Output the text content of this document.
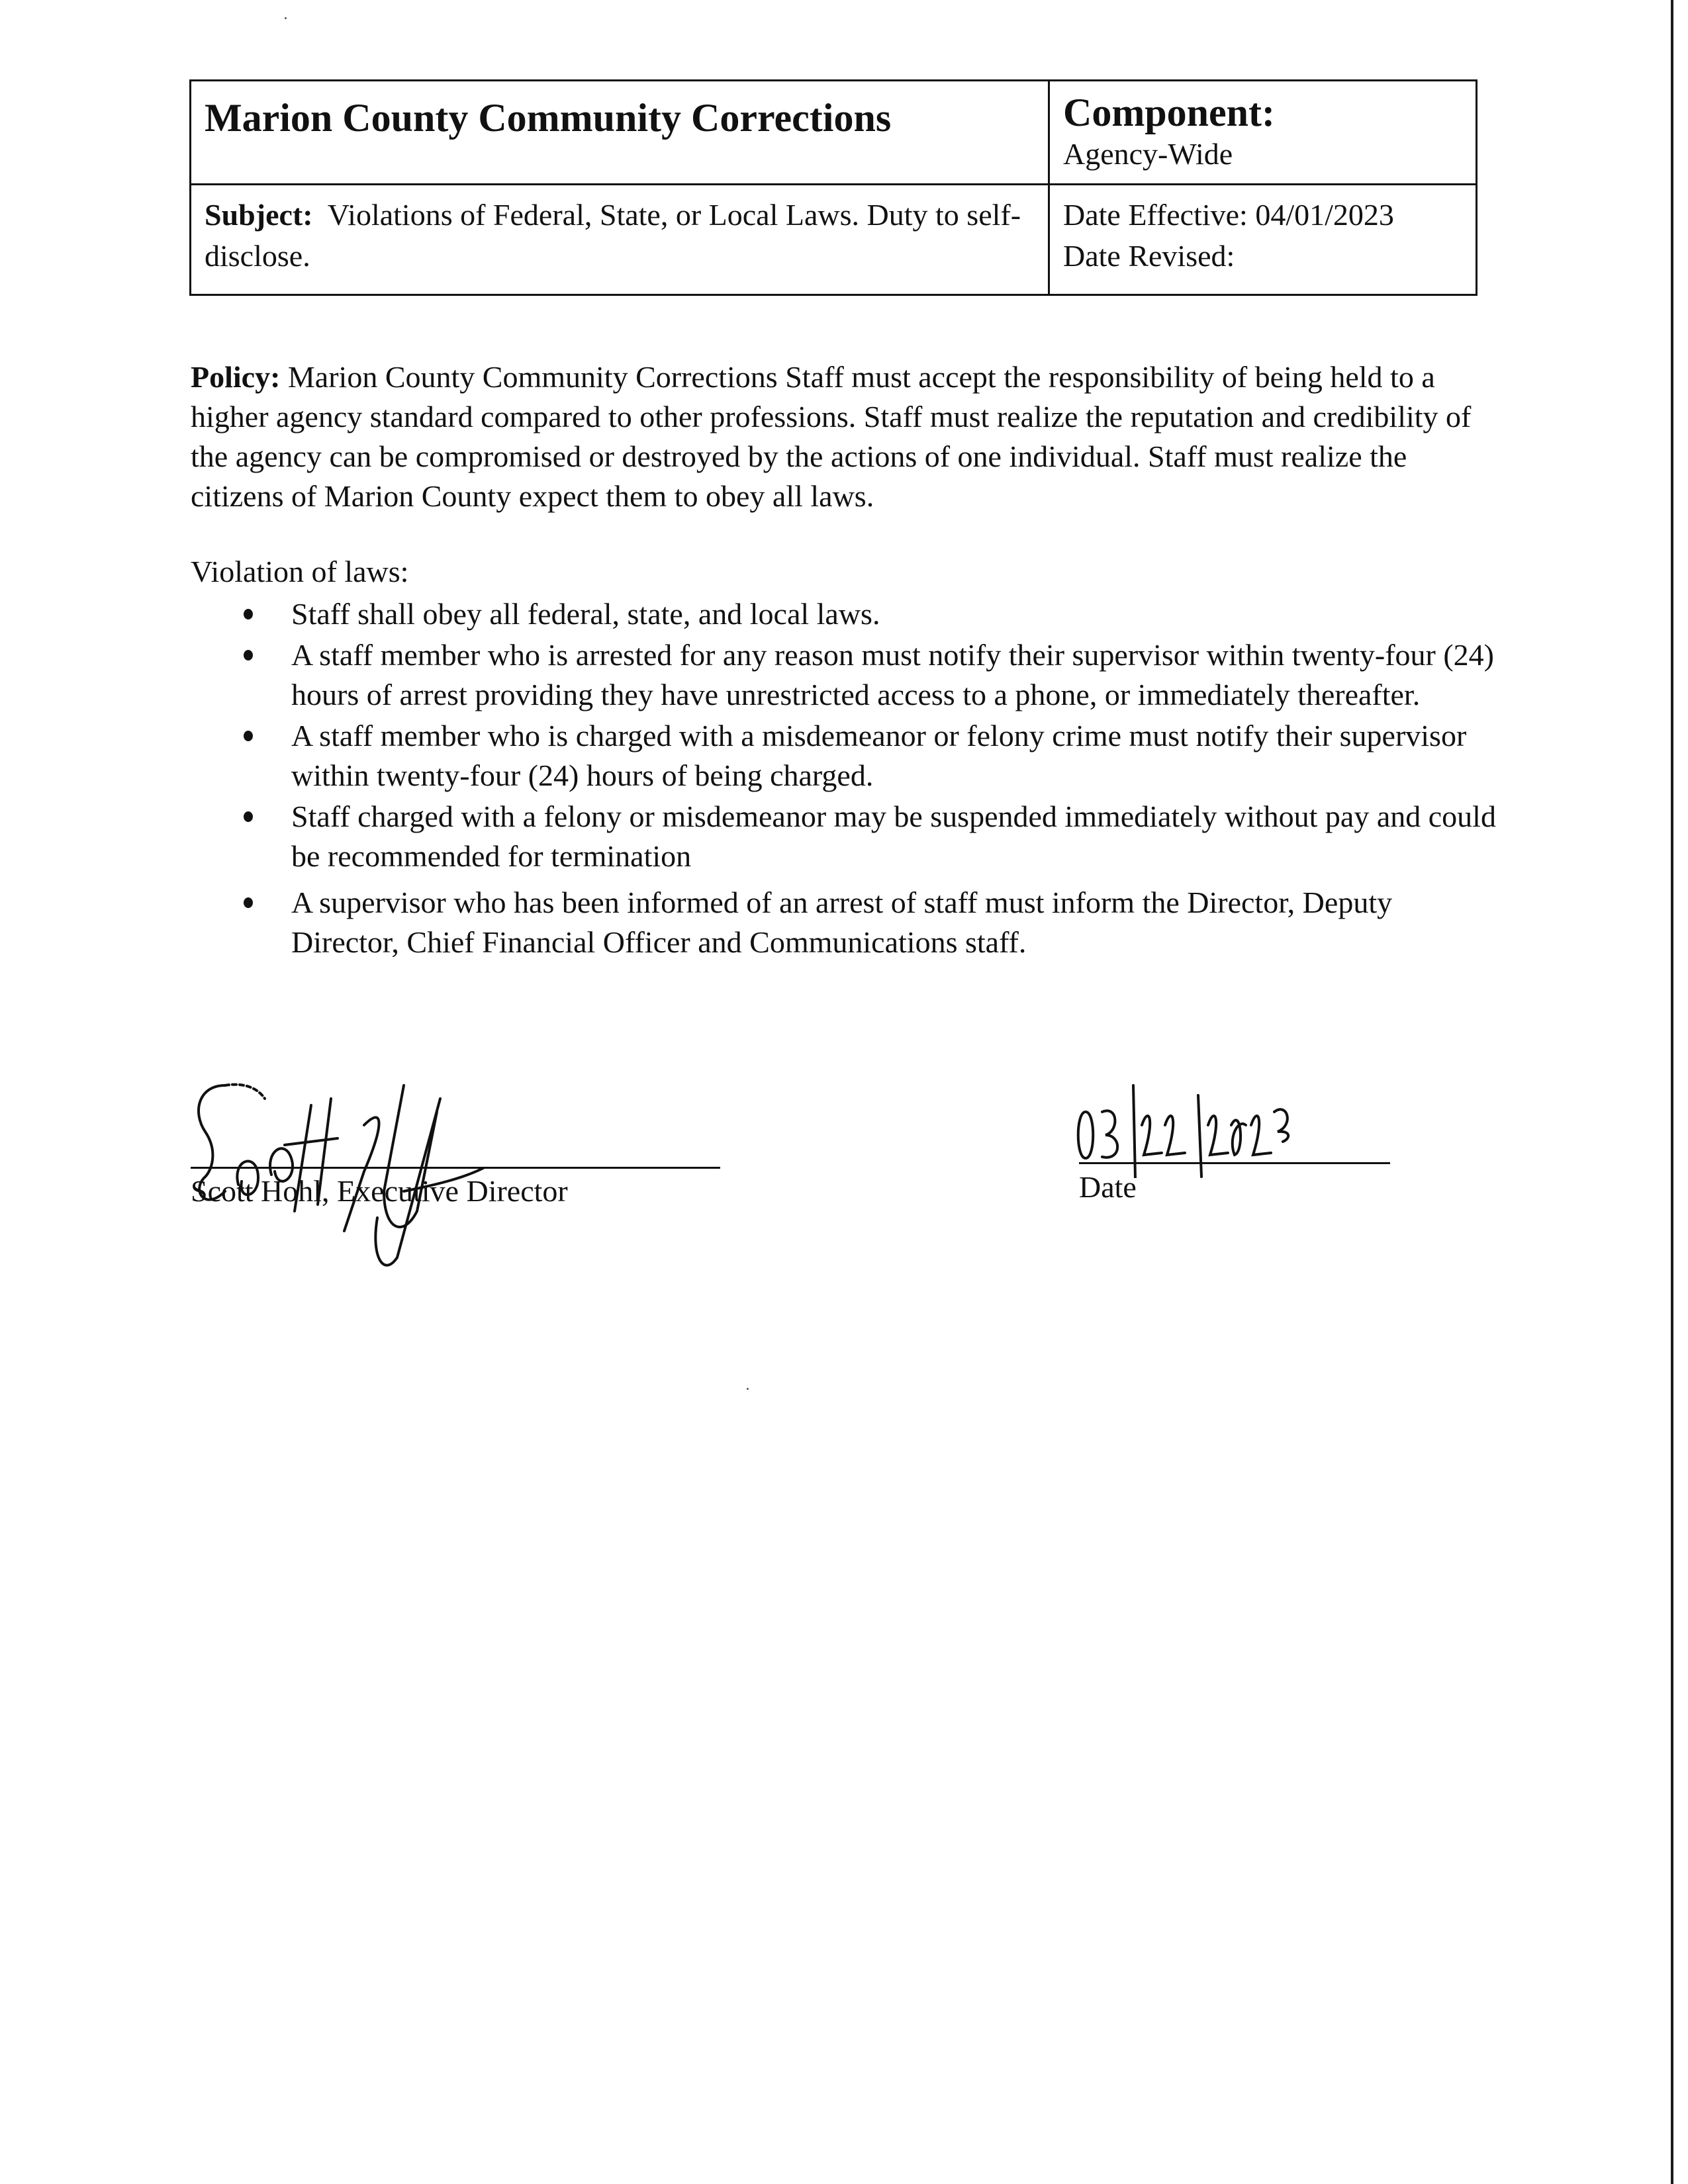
Marion County Community Corrections	Component:
Agency-Wide

Subject: Violations of Federal, State, or Local Laws. Duty to self-disclose.	Date Effective: 04/01/2023
Date Revised:
Policy: Marion County Community Corrections Staff must accept the responsibility of being held to a higher agency standard compared to other professions. Staff must realize the reputation and credibility of the agency can be compromised or destroyed by the actions of one individual. Staff must realize the citizens of Marion County expect them to obey all laws.
Violation of laws:
Staff shall obey all federal, state, and local laws.
A staff member who is arrested for any reason must notify their supervisor within twenty-four (24) hours of arrest providing they have unrestricted access to a phone, or immediately thereafter.
A staff member who is charged with a misdemeanor or felony crime must notify their supervisor within twenty-four (24) hours of being charged.
Staff charged with a felony or misdemeanor may be suspended immediately without pay and could be recommended for termination
A supervisor who has been informed of an arrest of staff must inform the Director, Deputy Director, Chief Financial Officer and Communications staff.
Scott Hohl, Executive Director	Date
